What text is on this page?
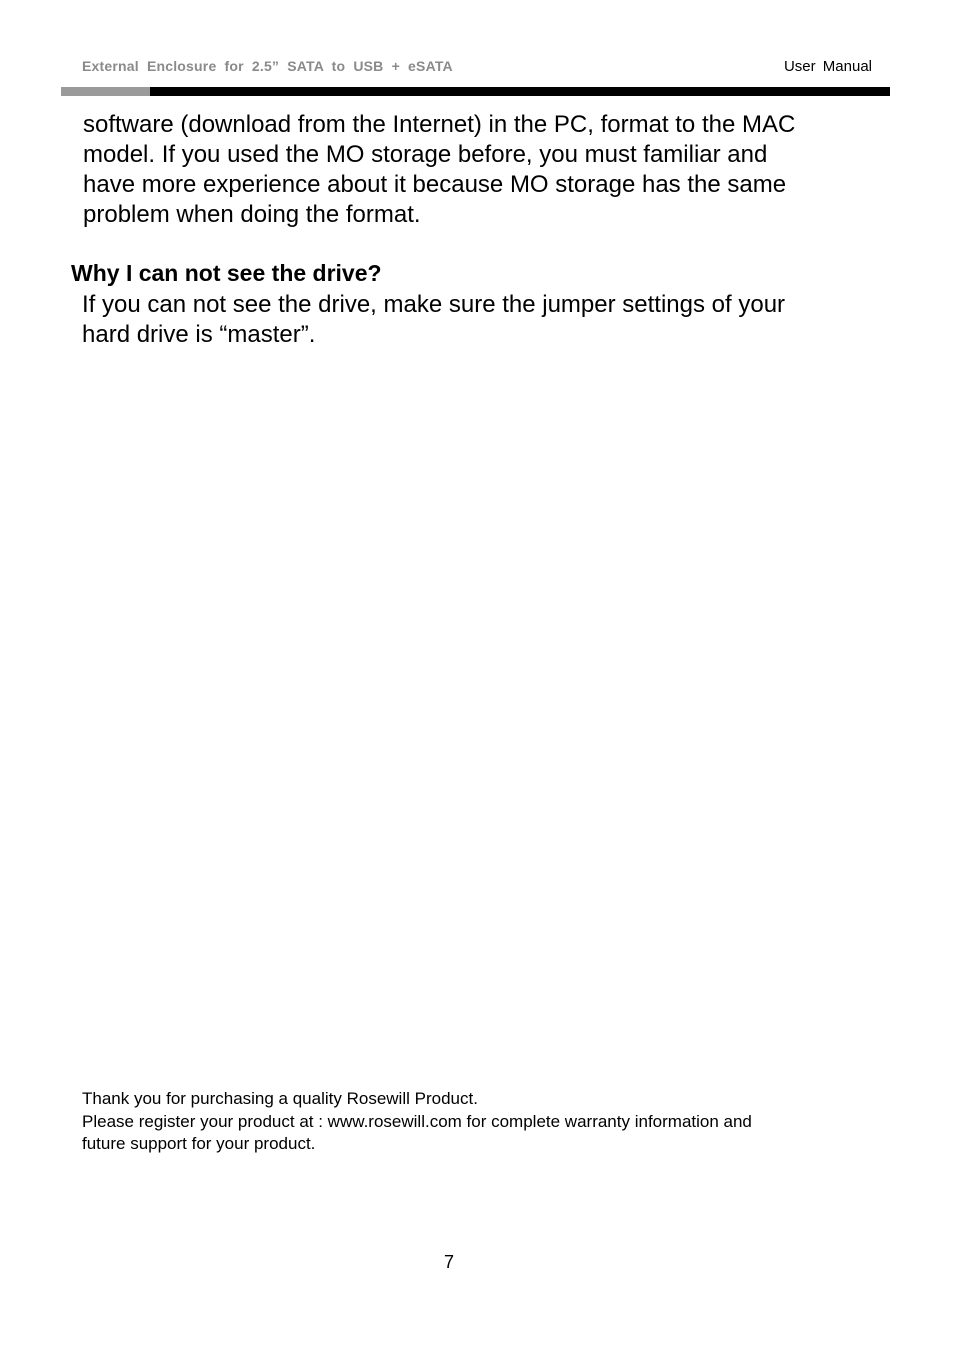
External Enclosure for 2.5” SATA to USB + eSATA	User Manual
software (download from the Internet) in the PC, format to the MAC
model. If you used the MO storage before, you must familiar and
have more experience about it because MO storage has the same
problem when doing the format.
Why I can not see the drive?
If you can not see the drive, make sure the jumper settings of your
hard drive is “master”.
Thank you for purchasing a quality Rosewill Product.
Please register your product at : www.rosewill.com for complete warranty information and
future support for your product.
7
